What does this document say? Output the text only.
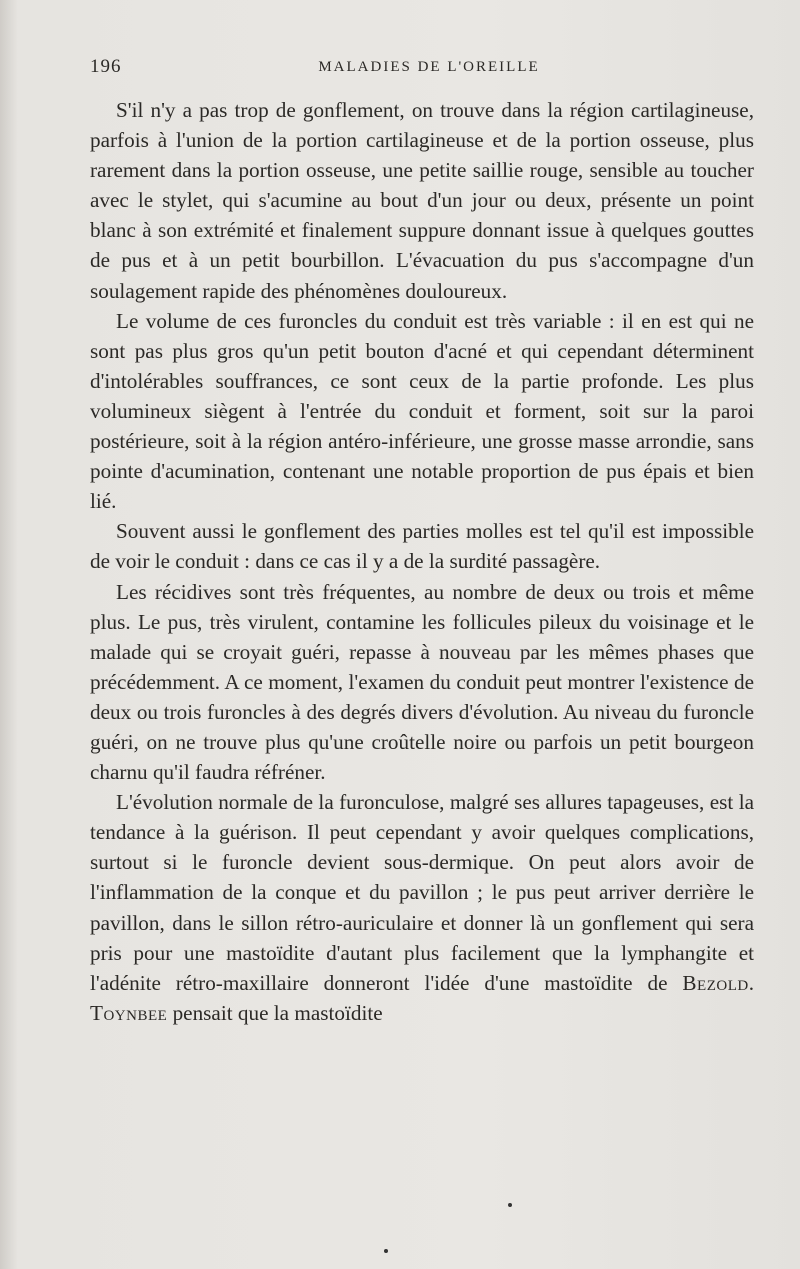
196	MALADIES DE L'OREILLE

S'il n'y a pas trop de gonflement, on trouve dans la région cartilagineuse, parfois à l'union de la portion cartilagineuse et de la portion osseuse, plus rarement dans la portion osseuse, une petite saillie rouge, sensible au toucher avec le stylet, qui s'acumine au bout d'un jour ou deux, présente un point blanc à son extrémité et finalement suppure donnant issue à quelques gouttes de pus et à un petit bourbillon. L'évacuation du pus s'accompagne d'un soulagement rapide des phénomènes douloureux.

Le volume de ces furoncles du conduit est très variable : il en est qui ne sont pas plus gros qu'un petit bouton d'acné et qui cependant déterminent d'intolérables souffrances, ce sont ceux de la partie profonde. Les plus volumineux siègent à l'entrée du conduit et forment, soit sur la paroi postérieure, soit à la région antéro-inférieure, une grosse masse arrondie, sans pointe d'acumination, contenant une notable proportion de pus épais et bien lié.

Souvent aussi le gonflement des parties molles est tel qu'il est impossible de voir le conduit : dans ce cas il y a de la surdité passagère.

Les récidives sont très fréquentes, au nombre de deux ou trois et même plus. Le pus, très virulent, contamine les follicules pileux du voisinage et le malade qui se croyait guéri, repasse à nouveau par les mêmes phases que précédemment. A ce moment, l'examen du conduit peut montrer l'existence de deux ou trois furoncles à des degrés divers d'évolution. Au niveau du furoncle guéri, on ne trouve plus qu'une croûtelle noire ou parfois un petit bourgeon charnu qu'il faudra réfréner.

L'évolution normale de la furonculose, malgré ses allures tapageuses, est la tendance à la guérison. Il peut cependant y avoir quelques complications, surtout si le furoncle devient sous-dermique. On peut alors avoir de l'inflammation de la conque et du pavillon ; le pus peut arriver derrière le pavillon, dans le sillon rétro-auriculaire et donner là un gonflement qui sera pris pour une mastoïdite d'autant plus facilement que la lymphangite et l'adénite rétro-maxillaire donneront l'idée d'une mastoïdite de Bezold. Toynbee pensait que la mastoïdite
